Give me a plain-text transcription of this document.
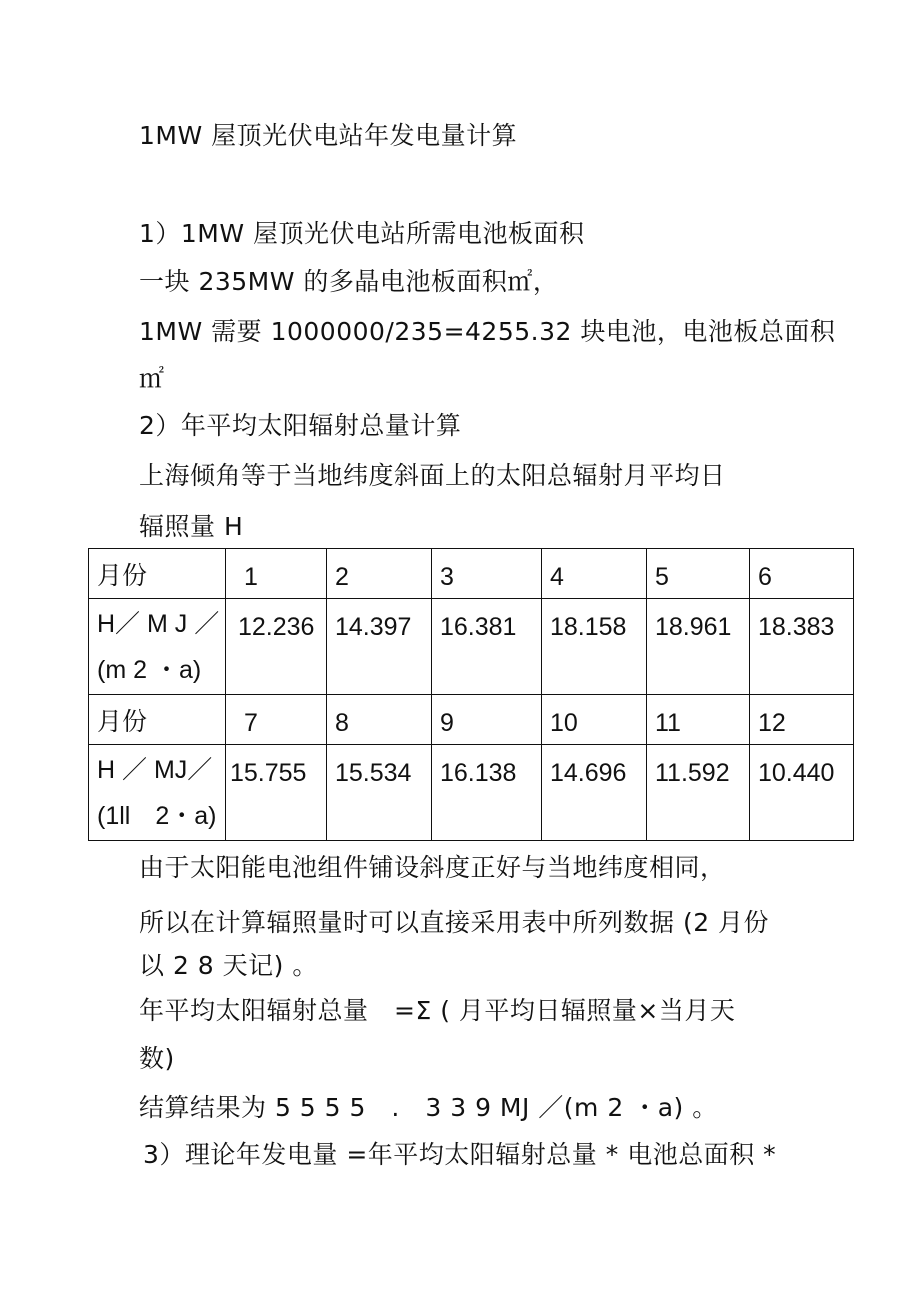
1MW 屋顶光伏电站年发电量计算
1）1MW 屋顶光伏电站所需电池板面积
一块 235MW 的多晶电池板面积㎡，
1MW 需要 1000000/235=4255.32 块电池，电池板总面积
㎡
2）年平均太阳辐射总量计算
上海倾角等于当地纬度斜面上的太阳总辐射月平均日
辐照量 H
月份	1	2	3	4	5	6
H／ M J ／ (m 2 ・a)	12.236	14.397	16.381	18.158	18.961	18.383
月份	7	8	9	10	11	12
H ／ MJ／ (1ll　2・a)	15.755	15.534	16.138	14.696	11.592	10.440
由于太阳能电池组件铺设斜度正好与当地纬度相同，
所以在计算辐照量时可以直接采用表中所列数据 (2 月份
以 2 8 天记) 。
年平均太阳辐射总量　=Σ ( 月平均日辐照量×当月天
数)
结算结果为 5 5 5 5　.　3 3 9 MJ ／(m 2 ・a) 。
3）理论年发电量 =年平均太阳辐射总量 * 电池总面积 *
